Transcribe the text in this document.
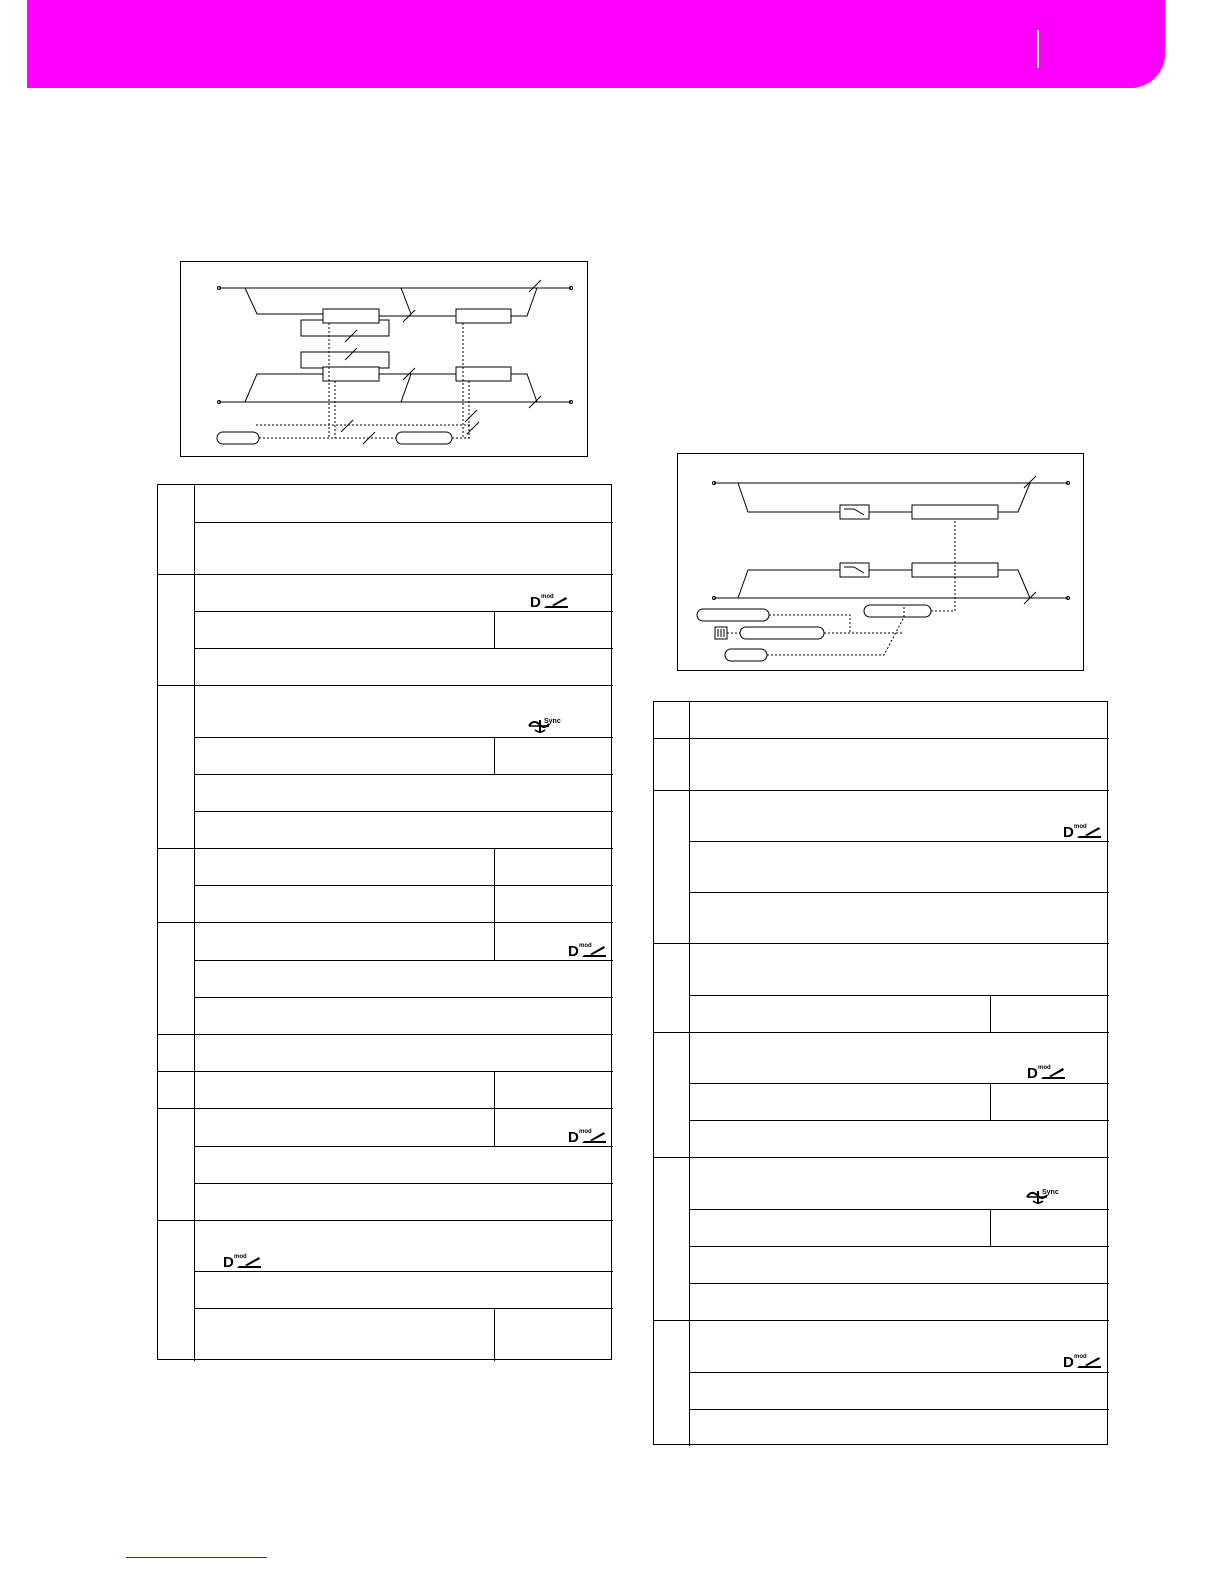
D mod
D mod
D mod
D mod
D mod
D mod
D mod
Sync
Sync
